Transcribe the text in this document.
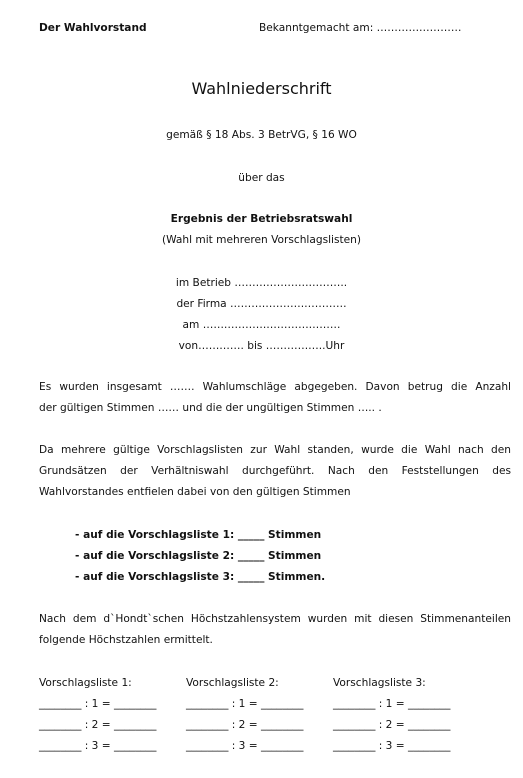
Der Wahlvorstand	Bekanntgemacht am: ……………………
Wahlniederschrift
gemäß § 18 Abs. 3 BetrVG, § 16 WO
über das
Ergebnis der Betriebsratswahl
(Wahl mit mehreren Vorschlagslisten)
im Betrieb …………………………..
der Firma ……………………………
am …………………………………
von…………. bis ……………..Uhr
Es wurden insgesamt ……. Wahlumschläge abgegeben. Davon betrug die Anzahl
der gültigen Stimmen …… und die der ungültigen Stimmen ….. .
Da mehrere gültige Vorschlagslisten zur Wahl standen, wurde die Wahl nach den
Grundsätzen der Verhältniswahl durchgeführt. Nach den Feststellungen des
Wahlvorstandes entfielen dabei von den gültigen Stimmen
- auf die Vorschlagsliste 1: _____ Stimmen
- auf die Vorschlagsliste 2: _____ Stimmen
- auf die Vorschlagsliste 3: _____ Stimmen.
Nach dem d`Hondt`schen Höchstzahlensystem wurden mit diesen Stimmenanteilen
folgende Höchstzahlen ermittelt.
Vorschlagsliste 1:
________ : 1 = ________
________ : 2 = ________
________ : 3 = ________
Vorschlagsliste 2:
________ : 1 = ________
________ : 2 = ________
________ : 3 = ________
Vorschlagsliste 3:
________ : 1 = ________
________ : 2 = ________
________ : 3 = ________
